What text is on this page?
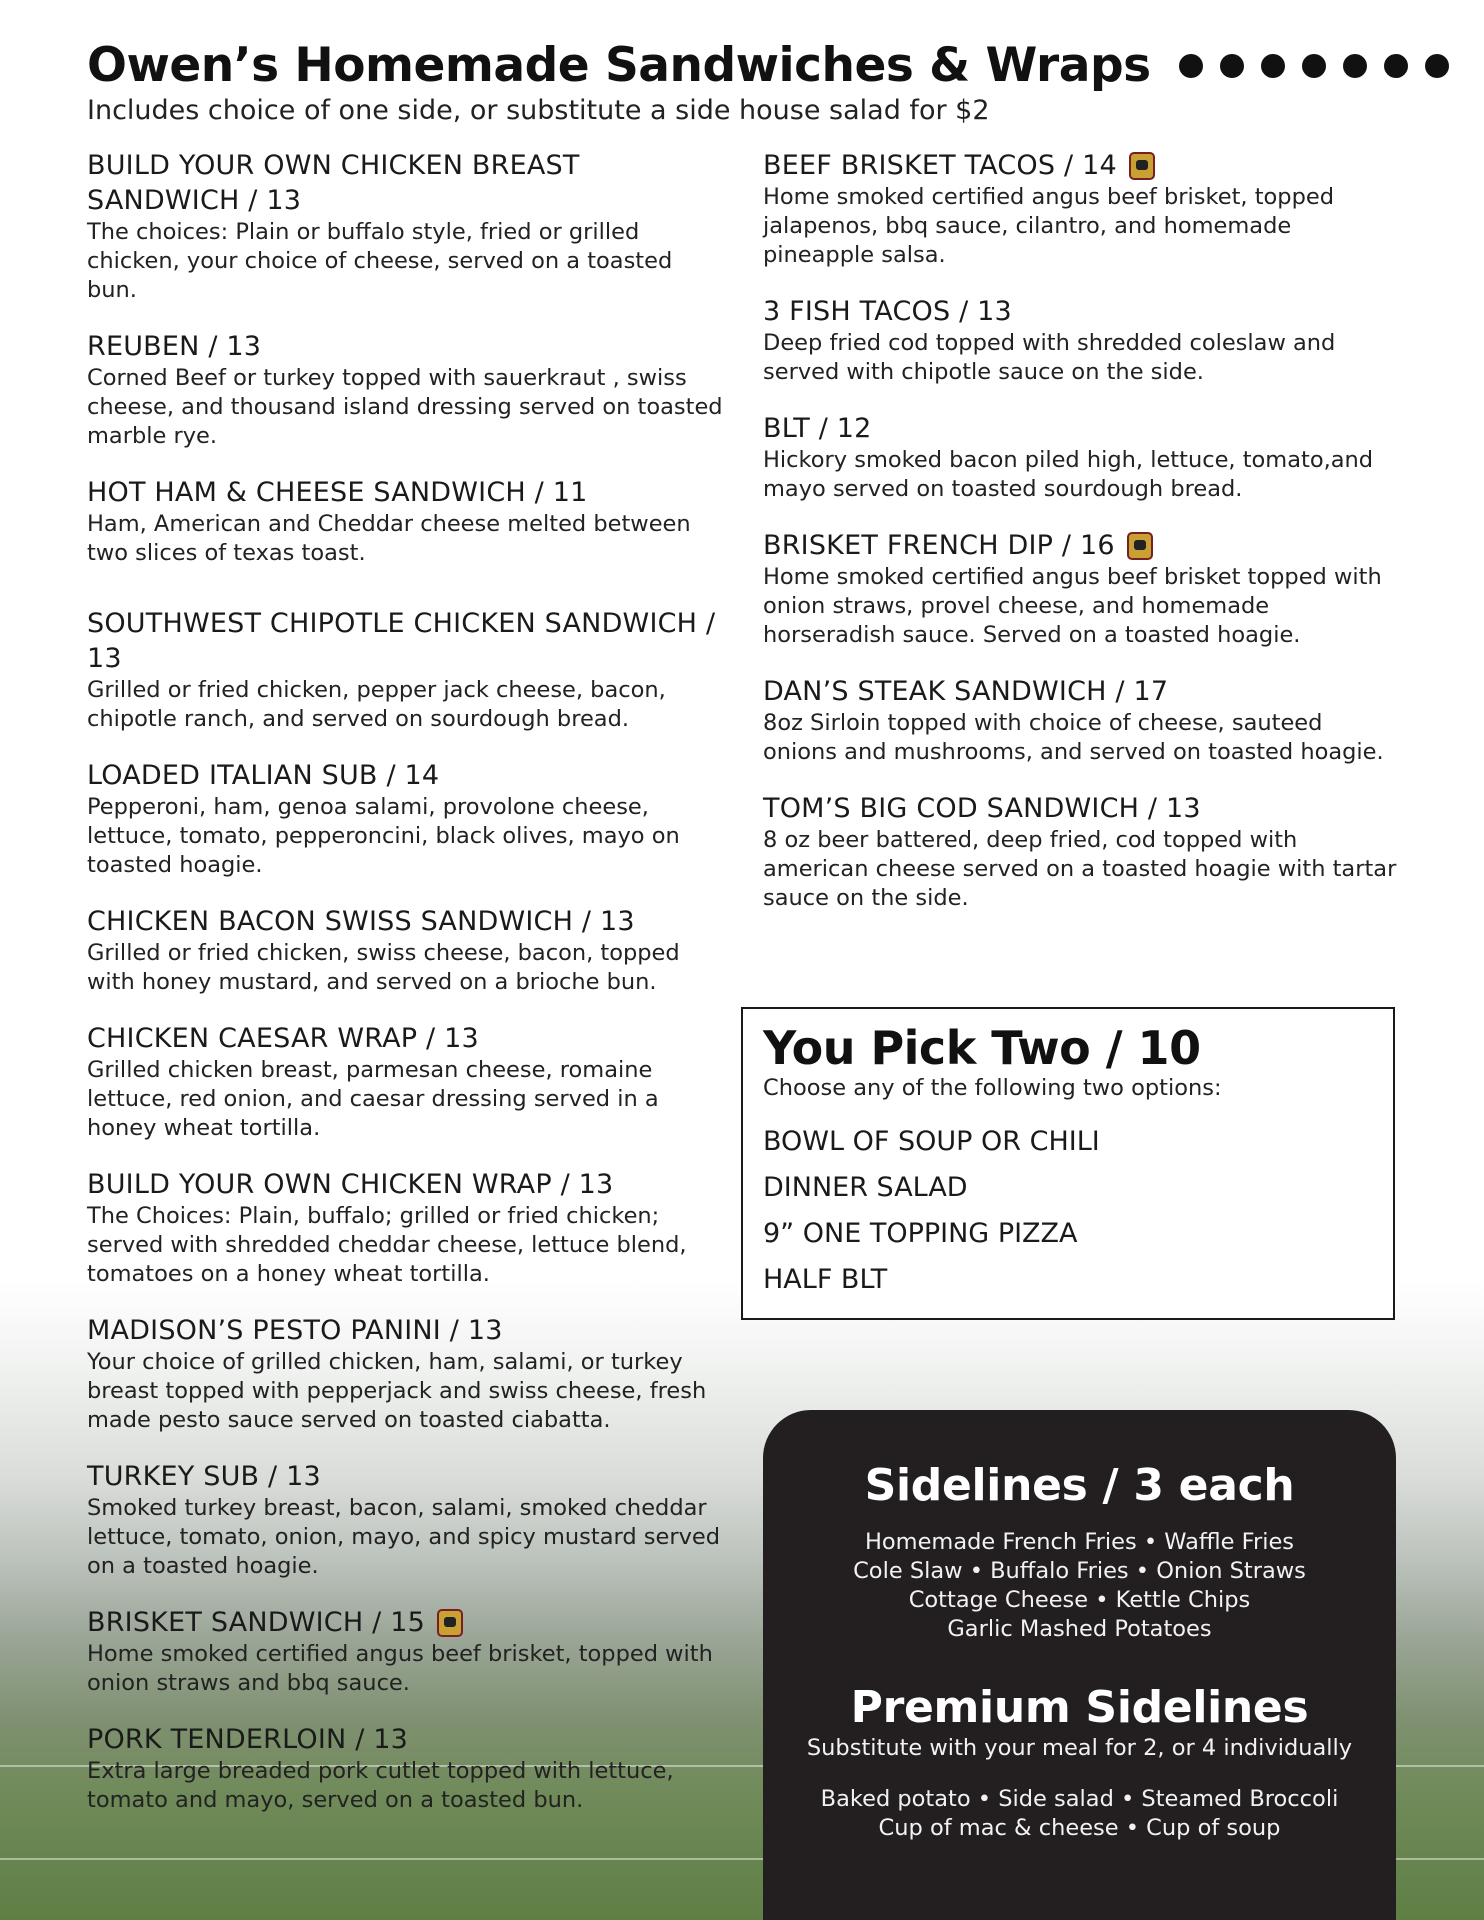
Owen’s Homemade Sandwiches & Wraps
Includes choice of one side, or substitute a side house salad for $2
BUILD YOUR OWN CHICKEN BREAST SANDWICH / 13
The choices: Plain or buffalo style, fried or grilled chicken, your choice of cheese, served on a toasted bun.
REUBEN / 13
Corned Beef or turkey topped with sauerkraut , swiss cheese, and thousand island dressing served on toasted marble rye.
HOT HAM & CHEESE SANDWICH / 11
Ham, American and Cheddar cheese melted between two slices of texas toast.
SOUTHWEST CHIPOTLE CHICKEN SANDWICH / 13
Grilled or fried chicken, pepper jack cheese, bacon, chipotle ranch, and served on sourdough bread.
LOADED ITALIAN SUB / 14
Pepperoni, ham, genoa salami, provolone cheese, lettuce, tomato, pepperoncini, black olives, mayo on toasted hoagie.
CHICKEN BACON SWISS SANDWICH / 13
Grilled or fried chicken, swiss cheese, bacon, topped with honey mustard, and served on a brioche bun.
CHICKEN CAESAR WRAP / 13
Grilled chicken breast, parmesan cheese, romaine lettuce, red onion, and caesar dressing served in a honey wheat tortilla.
BUILD YOUR OWN CHICKEN WRAP / 13
The Choices: Plain, buffalo; grilled or fried chicken; served with shredded cheddar cheese, lettuce blend, tomatoes on a honey wheat tortilla.
MADISON’S PESTO PANINI / 13
Your choice of grilled chicken, ham, salami, or turkey breast topped with pepperjack and swiss cheese, fresh made pesto sauce served on toasted ciabatta.
TURKEY SUB / 13
Smoked turkey breast, bacon, salami, smoked cheddar lettuce, tomato, onion, mayo, and spicy mustard served on a toasted hoagie.
BRISKET SANDWICH / 15
Home smoked certified angus beef brisket, topped with onion straws and bbq sauce.
PORK TENDERLOIN / 13
Extra large breaded pork cutlet topped with lettuce, tomato and mayo, served on a toasted bun.
BEEF BRISKET TACOS / 14
Home smoked certified angus beef brisket, topped jalapenos, bbq sauce, cilantro, and homemade pineapple salsa.
3 FISH TACOS / 13
Deep fried cod topped with shredded coleslaw and served with chipotle sauce on the side.
BLT / 12
Hickory smoked bacon piled high, lettuce, tomato,and mayo served on toasted sourdough bread.
BRISKET FRENCH DIP / 16
Home smoked certified angus beef brisket topped with onion straws, provel cheese, and homemade horseradish sauce. Served on a toasted hoagie.
DAN’S STEAK SANDWICH / 17
8oz Sirloin topped with choice of cheese, sauteed onions and mushrooms, and served on toasted hoagie.
TOM’S BIG COD SANDWICH / 13
8 oz beer battered, deep fried, cod topped with american cheese served on a toasted hoagie with tartar sauce on the side.
You Pick Two / 10
Choose any of the following two options:
BOWL OF SOUP OR CHILI
DINNER SALAD
9” ONE TOPPING PIZZA
HALF BLT
Sidelines / 3 each
Homemade French Fries • Waffle Fries
Cole Slaw • Buffalo Fries • Onion Straws
Cottage Cheese • Kettle Chips
Garlic Mashed Potatoes
Premium Sidelines
Substitute with your meal for 2, or 4 individually
Baked potato • Side salad • Steamed Broccoli
Cup of mac & cheese • Cup of soup
